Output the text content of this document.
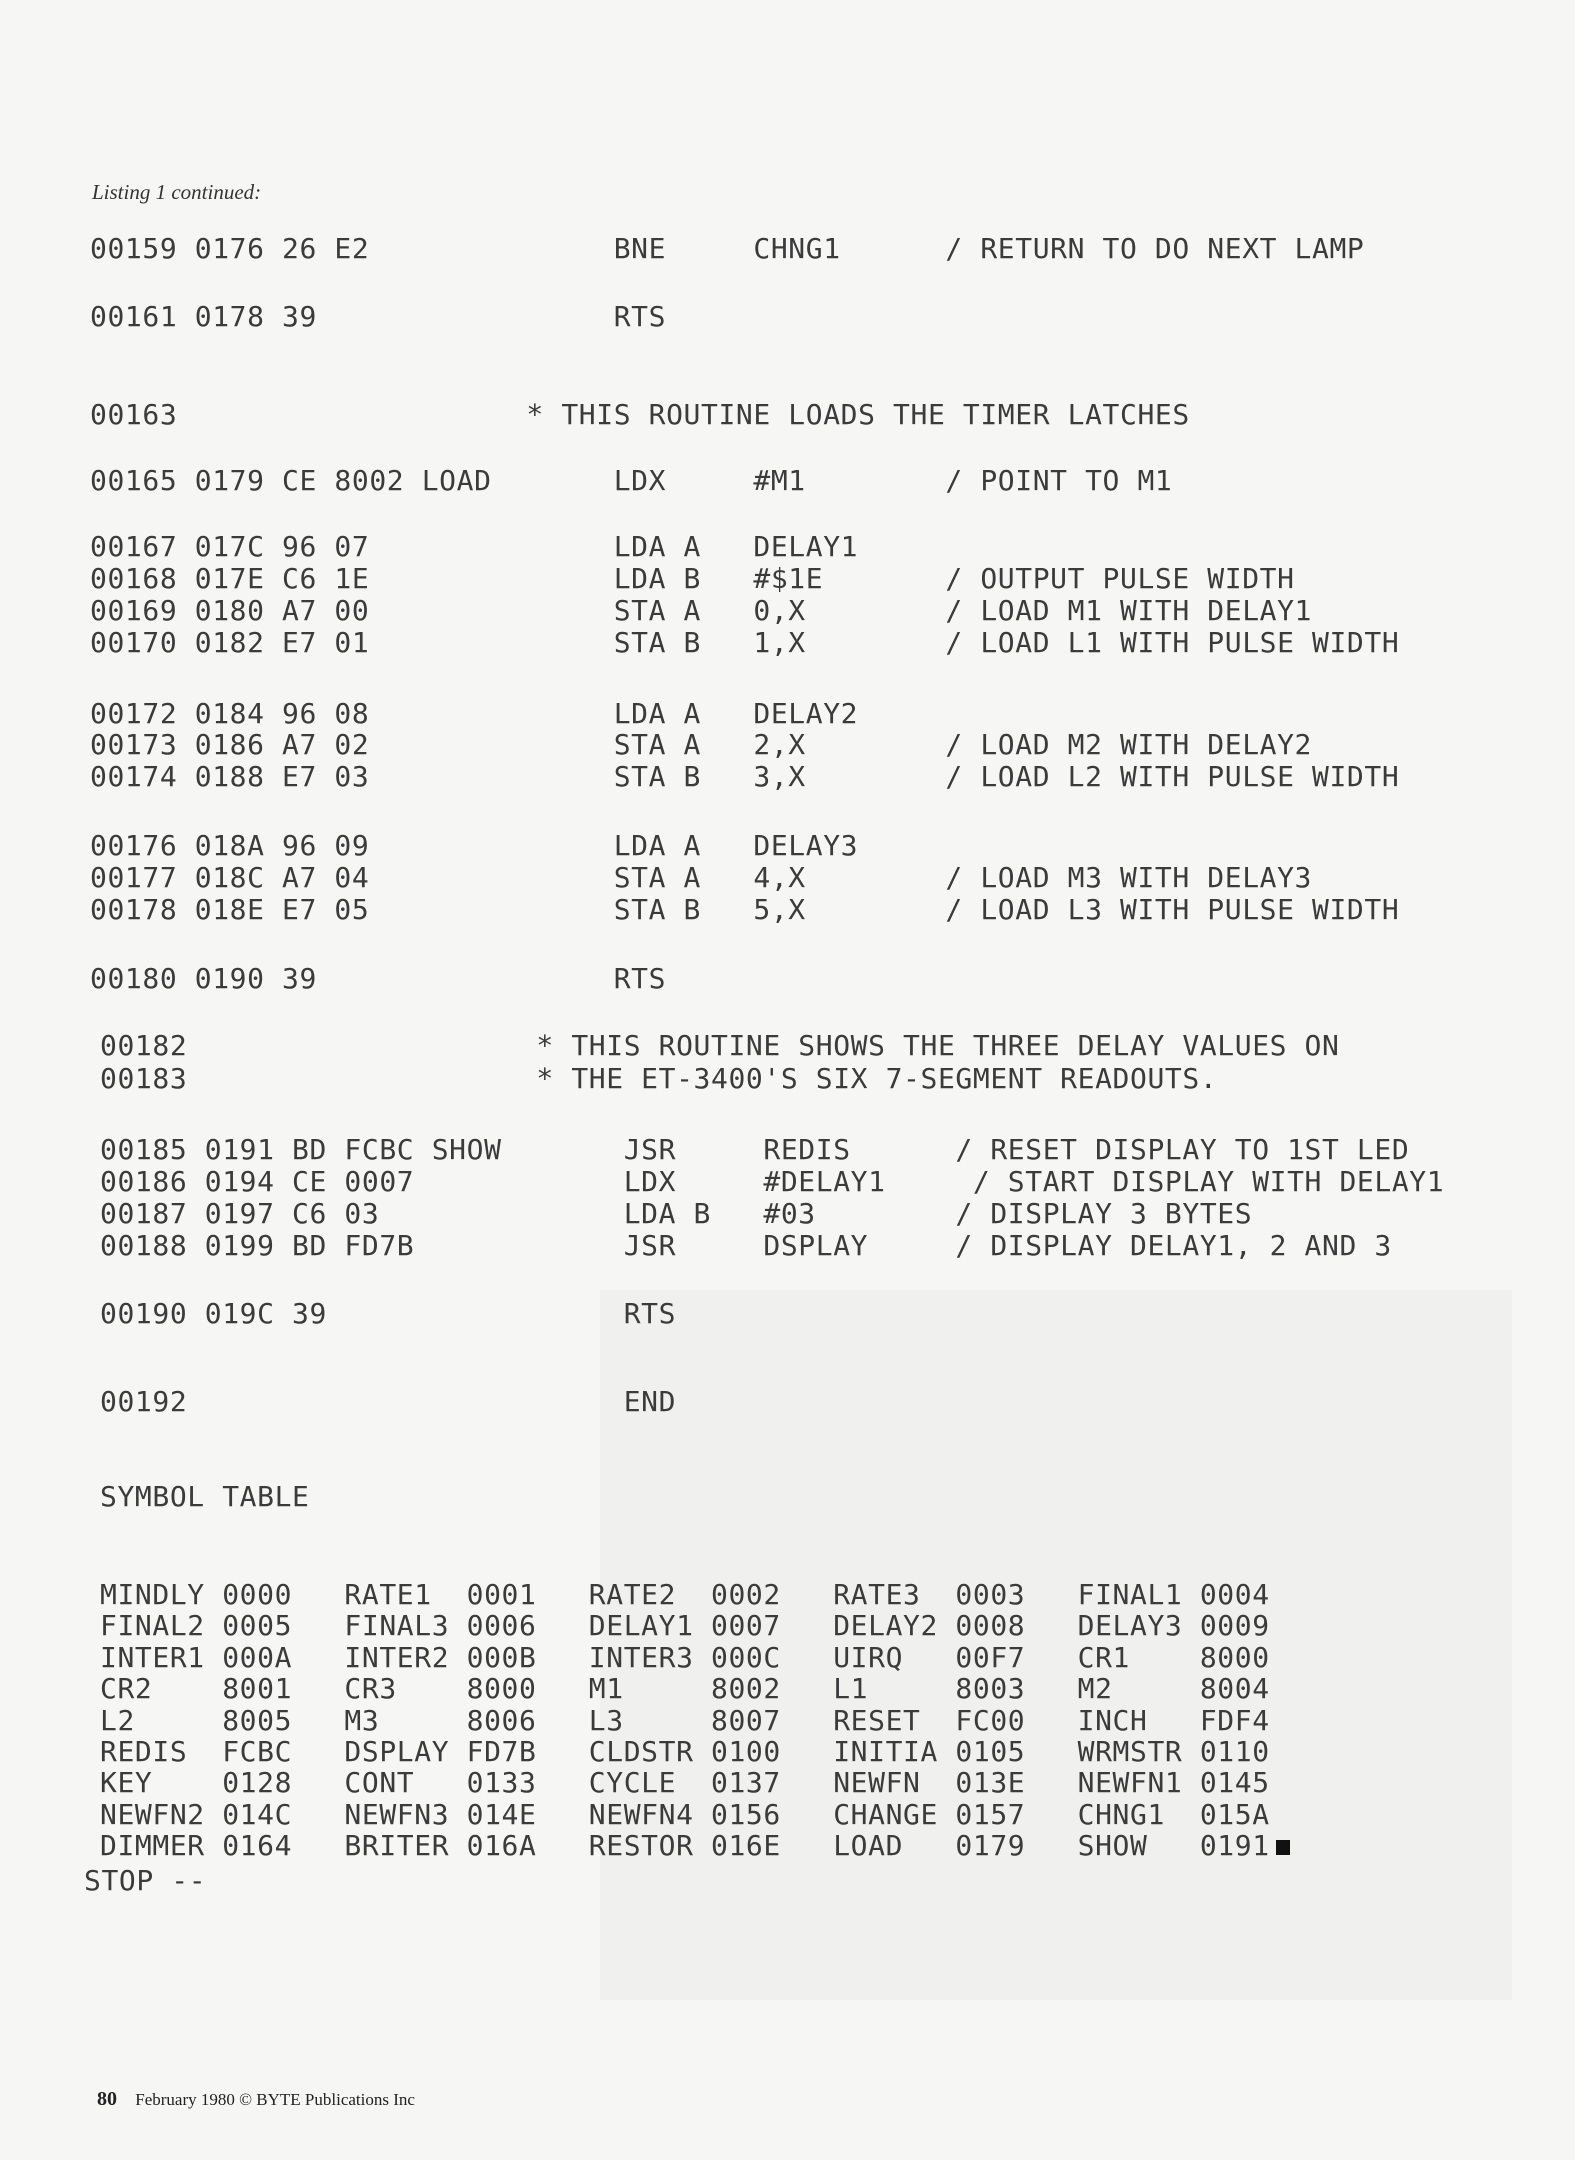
Listing 1 continued:
00159 0176 26 E2              BNE     CHNG1      / RETURN TO DO NEXT LAMP
00161 0178 39                 RTS
00163                    * THIS ROUTINE LOADS THE TIMER LATCHES
00165 0179 CE 8002 LOAD       LDX     #M1        / POINT TO M1
00167 017C 96 07              LDA A   DELAY1
00168 017E C6 1E              LDA B   #$1E       / OUTPUT PULSE WIDTH
00169 0180 A7 00              STA A   0,X        / LOAD M1 WITH DELAY1
00170 0182 E7 01              STA B   1,X        / LOAD L1 WITH PULSE WIDTH
00172 0184 96 08              LDA A   DELAY2
00173 0186 A7 02              STA A   2,X        / LOAD M2 WITH DELAY2
00174 0188 E7 03              STA B   3,X        / LOAD L2 WITH PULSE WIDTH
00176 018A 96 09              LDA A   DELAY3
00177 018C A7 04              STA A   4,X        / LOAD M3 WITH DELAY3
00178 018E E7 05              STA B   5,X        / LOAD L3 WITH PULSE WIDTH
00180 0190 39                 RTS
00182                    * THIS ROUTINE SHOWS THE THREE DELAY VALUES ON
00183                    * THE ET-3400'S SIX 7-SEGMENT READOUTS.
00185 0191 BD FCBC SHOW       JSR     REDIS      / RESET DISPLAY TO 1ST LED
00186 0194 CE 0007            LDX     #DELAY1     / START DISPLAY WITH DELAY1
00187 0197 C6 03              LDA B   #03        / DISPLAY 3 BYTES
00188 0199 BD FD7B            JSR     DSPLAY     / DISPLAY DELAY1, 2 AND 3
00190 019C 39                 RTS
00192                         END
SYMBOL TABLE
MINDLY 0000   RATE1  0001   RATE2  0002   RATE3  0003   FINAL1 0004
FINAL2 0005   FINAL3 0006   DELAY1 0007   DELAY2 0008   DELAY3 0009
INTER1 000A   INTER2 000B   INTER3 000C   UIRQ   00F7   CR1    8000
CR2    8001   CR3    8000   M1     8002   L1     8003   M2     8004
L2     8005   M3     8006   L3     8007   RESET  FC00   INCH   FDF4
REDIS  FCBC   DSPLAY FD7B   CLDSTR 0100   INITIA 0105   WRMSTR 0110
KEY    0128   CONT   0133   CYCLE  0137   NEWFN  013E   NEWFN1 0145
NEWFN2 014C   NEWFN3 014E   NEWFN4 0156   CHANGE 0157   CHNG1  015A
DIMMER 0164   BRITER 016A   RESTOR 016E   LOAD   0179   SHOW   0191
STOP --
80 February 1980 © BYTE Publications Inc
